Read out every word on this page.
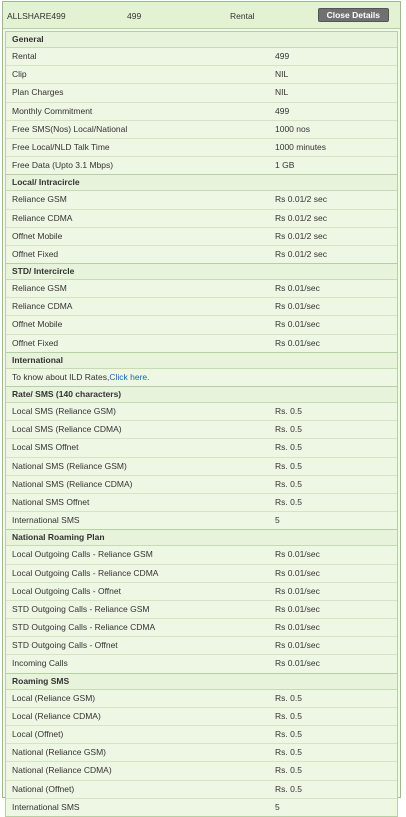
ALLSHARE499	499	Rental	Close Details
General
Rental	499
Clip	NIL
Plan Charges	NIL
Monthly Commitment	499
Free SMS(Nos) Local/National	1000 nos
Free Local/NLD Talk Time	1000 minutes
Free Data (Upto 3.1 Mbps)	1 GB
Local/ Intracircle
Reliance GSM	Rs 0.01/2 sec
Reliance CDMA	Rs 0.01/2 sec
Offnet Mobile	Rs 0.01/2 sec
Offnet Fixed	Rs 0.01/2 sec
STD/ Intercircle
Reliance GSM	Rs 0.01/sec
Reliance CDMA	Rs 0.01/sec
Offnet Mobile	Rs 0.01/sec
Offnet Fixed	Rs 0.01/sec
International
To know about ILD Rates,Click here.
Rate/ SMS (140 characters)
Local SMS (Reliance GSM)	Rs. 0.5
Local SMS (Reliance CDMA)	Rs. 0.5
Local SMS Offnet	Rs. 0.5
National SMS (Reliance GSM)	Rs. 0.5
National SMS (Reliance CDMA)	Rs. 0.5
National SMS Offnet	Rs. 0.5
International SMS	5
National Roaming Plan
Local Outgoing Calls - Reliance GSM	Rs 0.01/sec
Local Outgoing Calls - Reliance CDMA	Rs 0.01/sec
Local Outgoing Calls - Offnet	Rs 0.01/sec
STD Outgoing Calls - Reliance GSM	Rs 0.01/sec
STD Outgoing Calls - Reliance CDMA	Rs 0.01/sec
STD Outgoing Calls - Offnet	Rs 0.01/sec
Incoming Calls	Rs 0.01/sec
Roaming SMS
Local (Reliance GSM)	Rs. 0.5
Local (Reliance CDMA)	Rs. 0.5
Local (Offnet)	Rs. 0.5
National (Reliance GSM)	Rs. 0.5
National (Reliance CDMA)	Rs. 0.5
National (Offnet)	Rs. 0.5
International SMS	5
